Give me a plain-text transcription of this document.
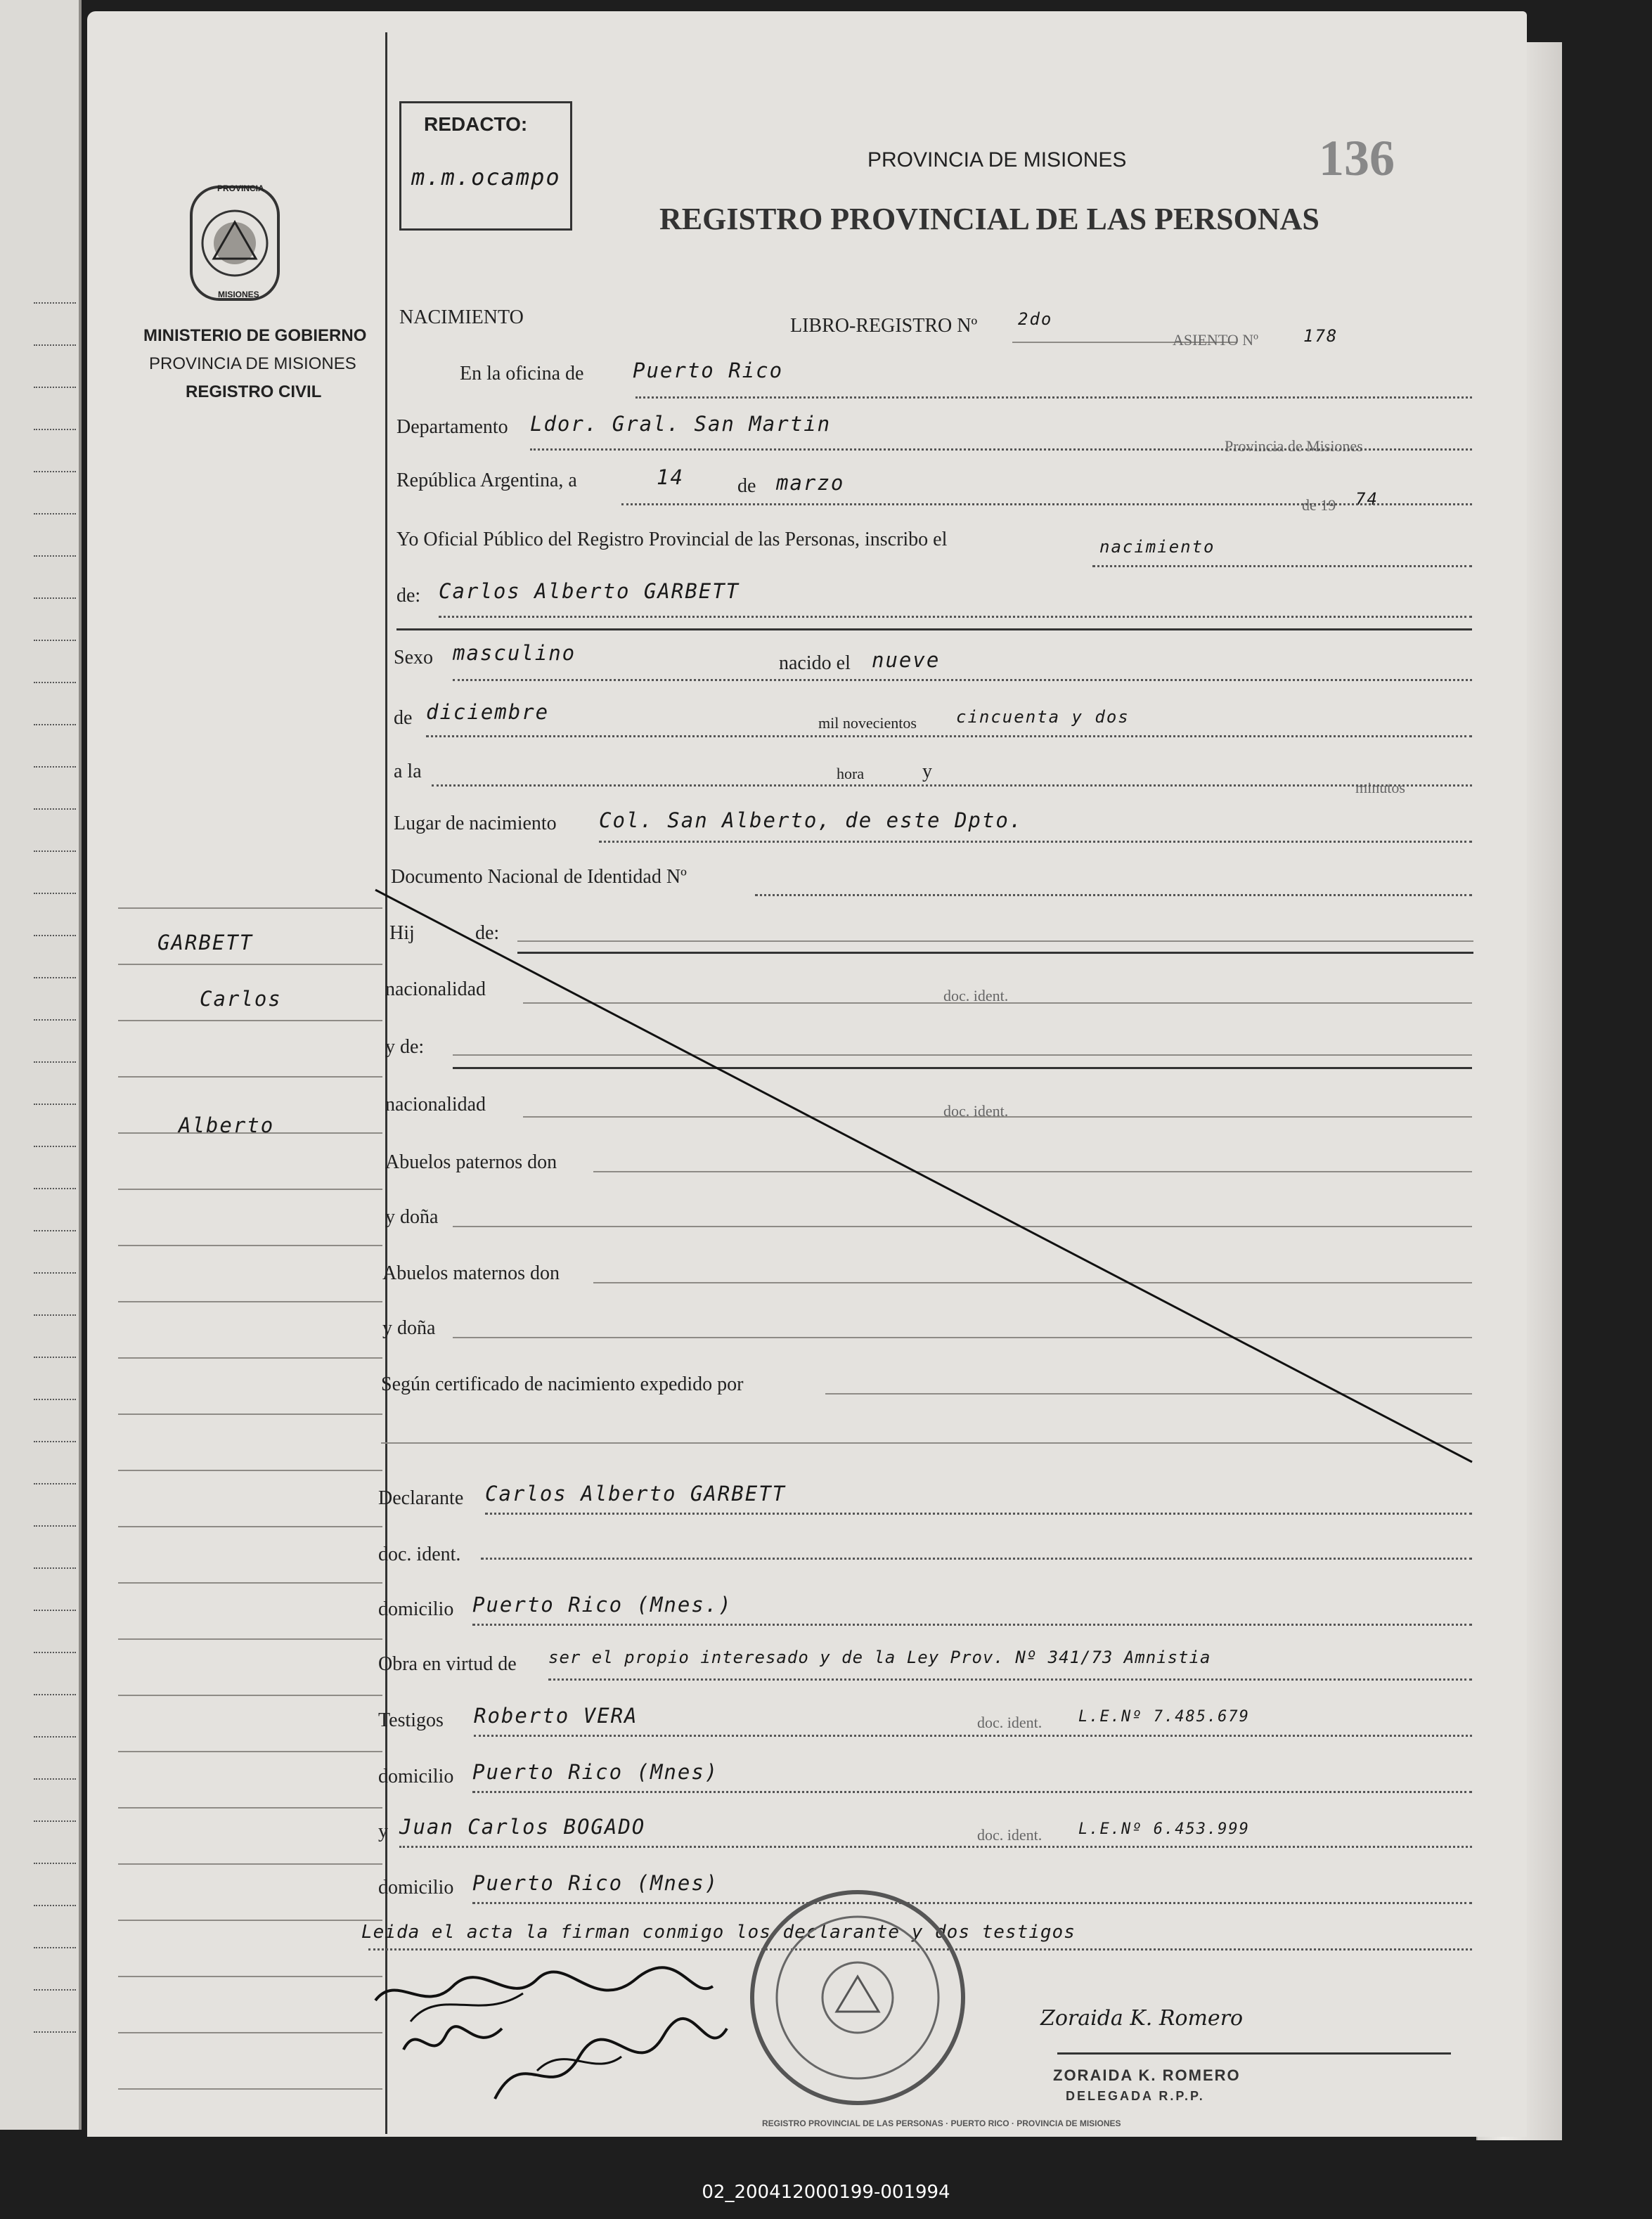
136
REDACTO:
m.m.ocampo
PROVINCIA DE MISIONES
REGISTRO PROVINCIAL DE LAS PERSONAS
PROVINCIA
MISIONES
MINISTERIO DE GOBIERNO
PROVINCIA DE MISIONES
REGISTRO CIVIL
GARBETT
Carlos
Alberto
NACIMIENTO	LIBRO-REGISTRO Nº 2do
ASIENTO Nº	178
En la oficina de Puerto Rico
Departamento Ldor. Gral. San Martin
Provincia de Misiones
República Argentina, a	14	de marzo
de 19 74
Yo Oficial Público del Registro Provincial de las Personas, inscribo el	nacimiento
de: Carlos Alberto GARBETT
Sexo masculino	nacido el nueve
de diciembre	mil novecientos cincuenta y dos
a la	hora	y
minutos
Lugar de nacimiento Col. San Alberto, de este Dpto.
Documento Nacional de Identidad Nº
Hij	de:
nacionalidad	doc. ident.
y de:
nacionalidad	doc. ident.
Abuelos paternos don
y doña
Abuelos maternos don
y doña
Según certificado de nacimiento expedido por
Declarante Carlos Alberto GARBETT
doc. ident.
domicilio Puerto Rico (Mnes.)
Obra en virtud de ser el propio interesado y de la Ley Prov. Nº 341/73 Amnistia
Testigos Roberto VERA	doc. ident. L.E.Nº 7.485.679
domicilio Puerto Rico (Mnes)
y Juan Carlos BOGADO	doc. ident. L.E.Nº 6.453.999
domicilio Puerto Rico (Mnes)
Leida el acta la firman conmigo los declarante y dos testigos
REGISTRO PROVINCIAL DE LAS PERSONAS · PUERTO RICO · PROVINCIA DE MISIONES
Zoraida K. Romero
ZORAIDA K. ROMERO
DELEGADA R.P.P.
02_200412000199-001994
